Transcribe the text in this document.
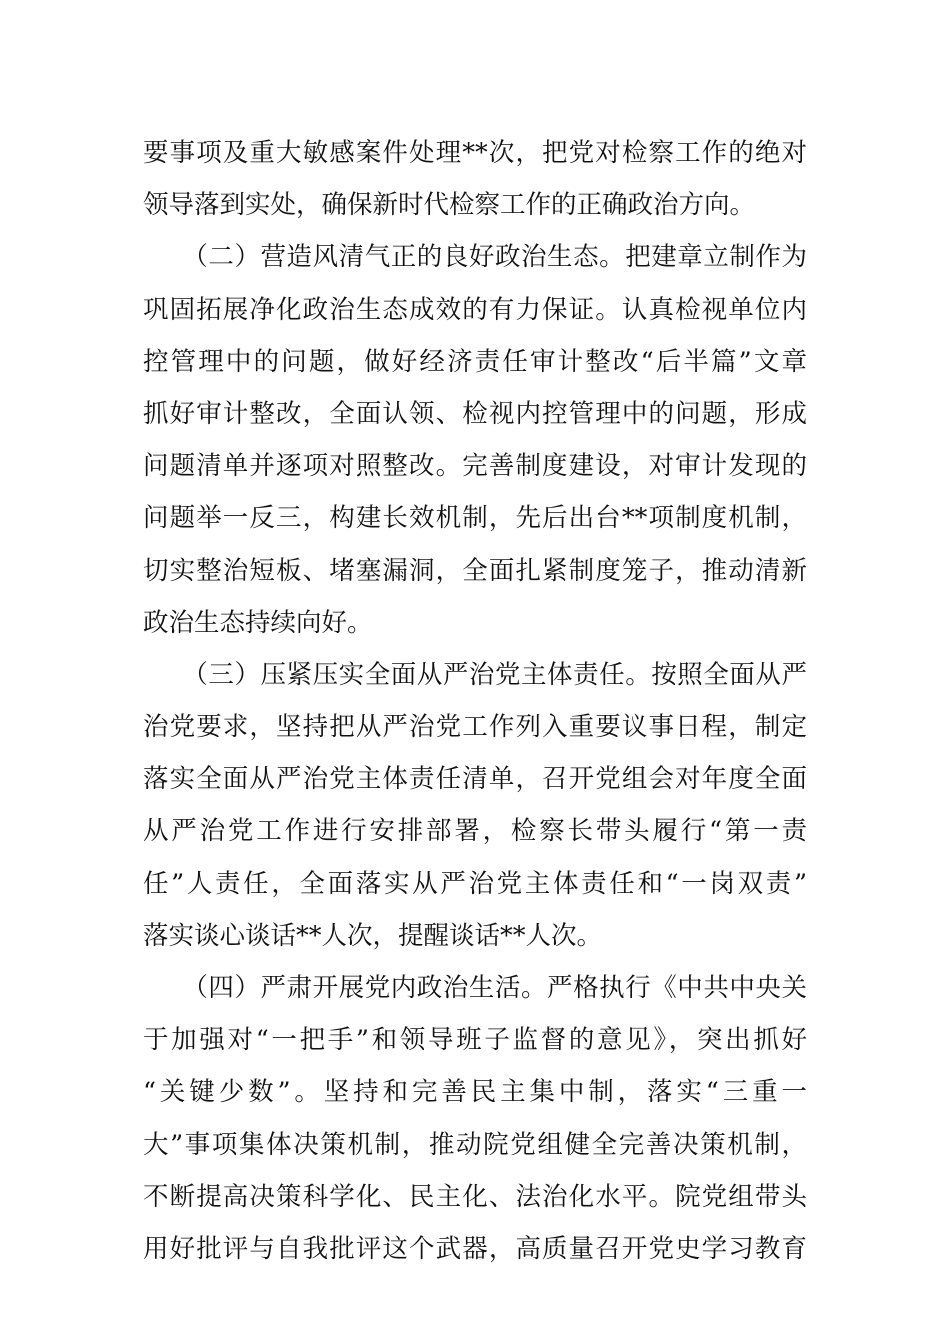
要事项及重大敏感案件处理**次，把党对检察工作的绝对
领导落到实处，确保新时代检察工作的正确政治方向。
　　（二）营造风清气正的良好政治生态。把建章立制作为
巩固拓展净化政治生态成效的有力保证。认真检视单位内
控管理中的问题，做好经济责任审计整改“后半篇”文章
抓好审计整改，全面认领、检视内控管理中的问题，形成
问题清单并逐项对照整改。完善制度建设，对审计发现的
问题举一反三，构建长效机制，先后出台**项制度机制，
切实整治短板、堵塞漏洞，全面扎紧制度笼子，推动清新
政治生态持续向好。
　　（三）压紧压实全面从严治党主体责任。按照全面从严
治党要求，坚持把从严治党工作列入重要议事日程，制定
落实全面从严治党主体责任清单，召开党组会对年度全面
从严治党工作进行安排部署，检察长带头履行“第一责
任”人责任，全面落实从严治党主体责任和“一岗双责”
落实谈心谈话**人次，提醒谈话**人次。
　　（四）严肃开展党内政治生活。严格执行《中共中央关
于加强对“一把手”和领导班子监督的意见》，突出抓好
“关键少数”。坚持和完善民主集中制，落实“三重一
大”事项集体决策机制，推动院党组健全完善决策机制，
不断提高决策科学化、民主化、法治化水平。院党组带头
用好批评与自我批评这个武器，高质量召开党史学习教育
